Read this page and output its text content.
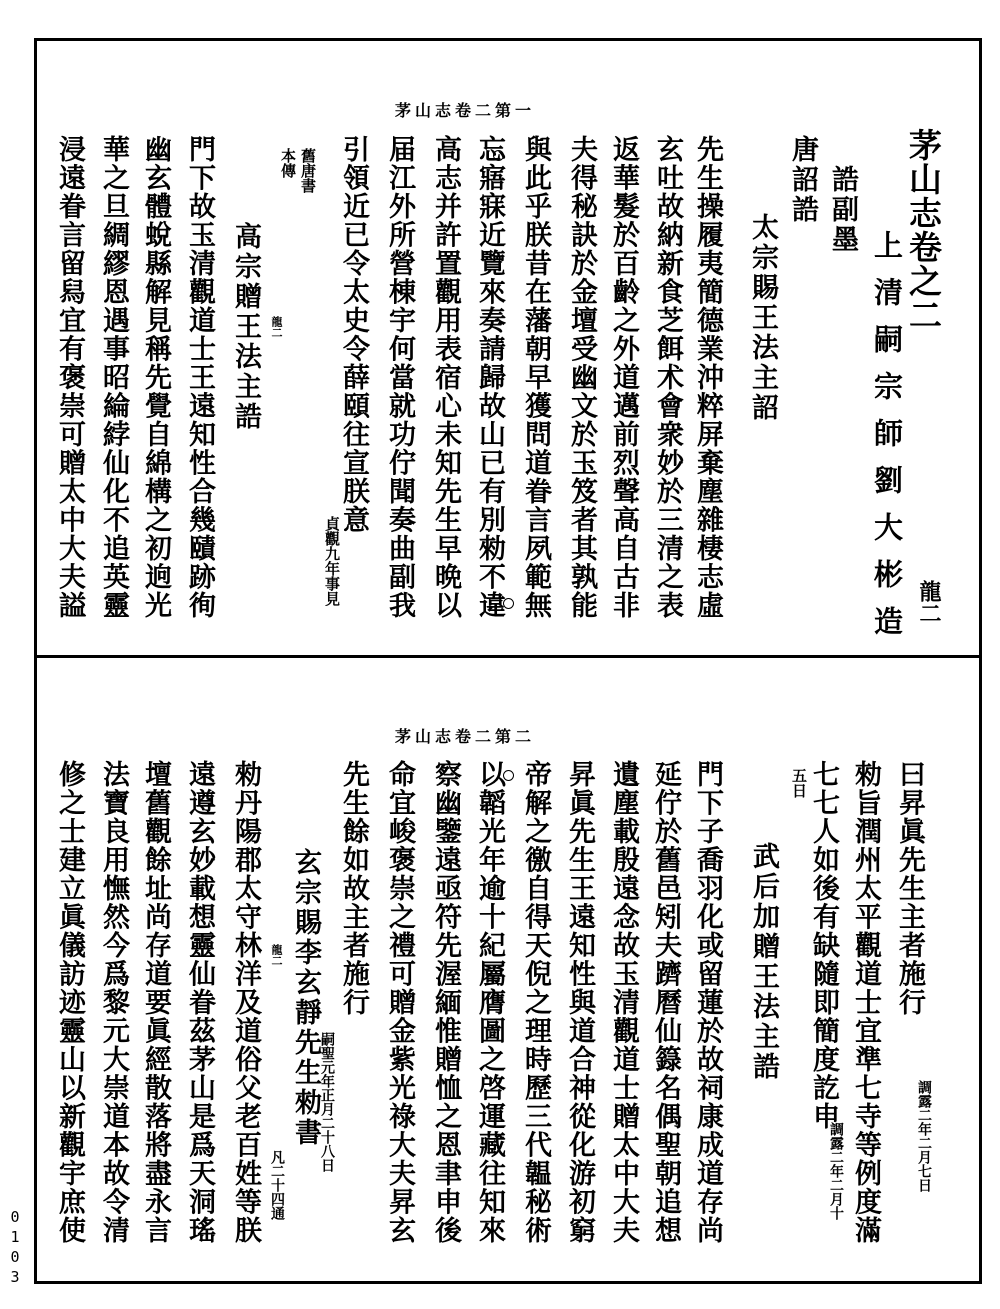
0103
茅山志卷二第一
茅山志卷之二
上清嗣宗師劉大彬造 龍二
誥副墨
唐詔誥
太宗賜王法主詔
先生操履夷簡德業沖粹屏棄塵雜棲志虛
玄吐故納新食芝餌术會衆妙於三清之表
返華髮於百齡之外道邁前烈聲高自古非
夫得秘訣於金壇受幽文於玉笈者其孰能
與此乎朕昔在藩朝早獲問道眷言夙範無
忘寤寐近覽來奏請歸故山已有別勑不違
高志并許置觀用表宿心未知先生早晩以
届江外所營棟宇何當就功佇聞奏曲副我
引領近已令太史令薛頤往宣朕意
貞觀九年事見
本傳 舊唐書
高宗贈王法主誥 龍二
門下故玉清觀道士王遠知性合幾賾跡徇
幽玄體蛻縣解見稱先覺自綿構之初逈光
華之旦綢繆恩遇事昭綸綍仙化不追英靈
浸遠眷言留舄宜有褒崇可贈太中大夫謚
茅山志卷二第二
曰昇眞先生主者施行
調露二年二月七日
勑旨潤州太平觀道士宜準七寺等例度滿
七七人如後有缺隨即簡度訖申
調露二年二月十
五日
武后加贈王法主誥
門下子喬羽化或留蓮於故祠康成道存尚
延佇於舊邑矧夫躋曆仙籙名偶聖朝追想
遺塵載殷遠念故玉清觀道士贈太中大夫
昇眞先生王遠知性與道合神從化游初窮
帝解之徼自得天倪之理時歷三代韞秘術
以韜光年逾十紀屬膺圖之啓運藏往知來
察幽鑒遠亟符先渥緬惟贈恤之恩聿申後
命宜峻褒崇之禮可贈金紫光祿大夫昇玄
先生餘如故主者施行
嗣聖元年正月二十八日
玄宗賜李玄靜先生勑書
凡二十四通
龍二
勑丹陽郡太守林洋及道俗父老百姓等朕
遠遵玄妙載想靈仙眷茲茅山是爲天洞瑤
壇舊觀餘址尚存道要眞經散落將盡永言
法寶良用憮然今爲黎元大崇道本故令清
修之士建立眞儀訪迹靈山以新觀宇庶使
